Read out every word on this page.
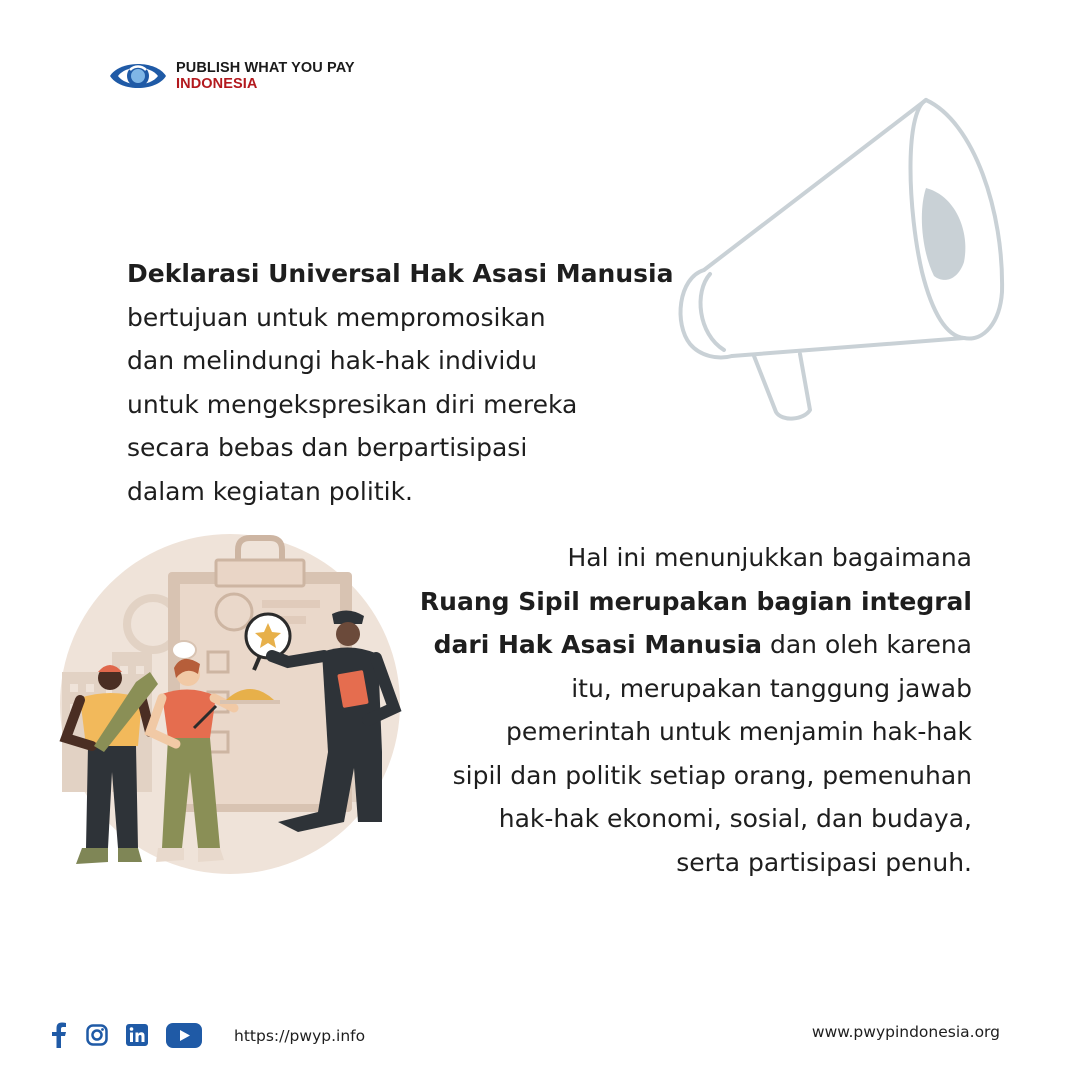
PUBLISH WHAT YOU PAY
INDONESIA

Deklarasi Universal Hak Asasi Manusia
bertujuan untuk mempromosikan
dan melindungi hak-hak individu
untuk mengekspresikan diri mereka
secara bebas dan berpartisipasi
dalam kegiatan politik.

Hal ini menunjukkan bagaimana
Ruang Sipil merupakan bagian integral
dari Hak Asasi Manusia dan oleh karena
itu, merupakan tanggung jawab
pemerintah untuk menjamin hak-hak
sipil dan politik setiap orang, pemenuhan
hak-hak ekonomi, sosial, dan budaya,
serta partisipasi penuh.

https://pwyp.info	www.pwypindonesia.org
